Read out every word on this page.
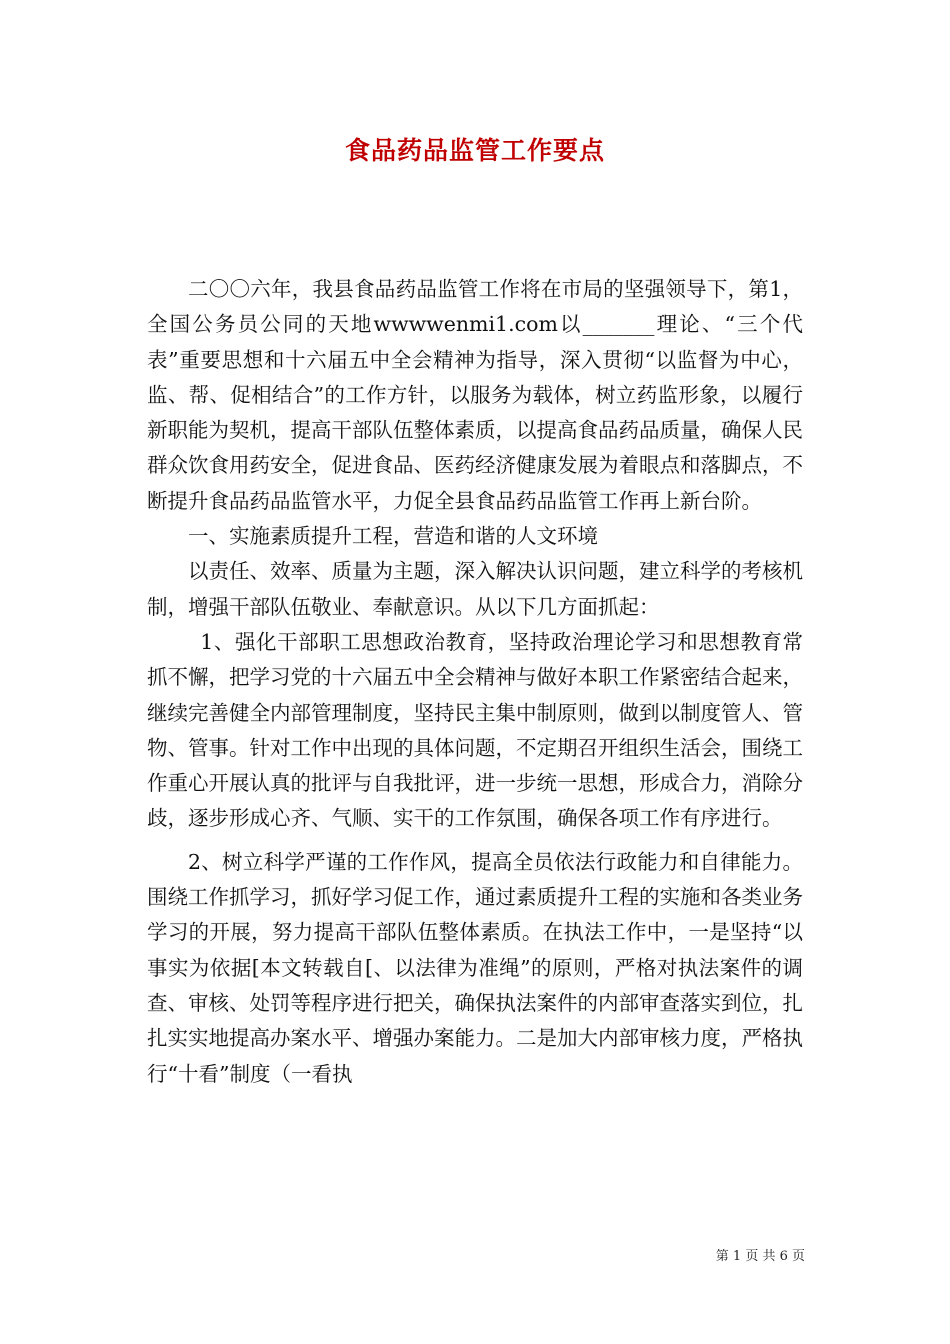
食品药品监管工作要点

二〇〇六年，我县食品药品监管工作将在市局的坚强领导下，第1，全国公务员公同的天地wwwwenmi1.com以_______理论、“三个代表”重要思想和十六届五中全会精神为指导，深入贯彻“以监督为中心，监、帮、促相结合”的工作方针，以服务为载体，树立药监形象，以履行新职能为契机，提高干部队伍整体素质，以提高食品药品质量，确保人民群众饮食用药安全，促进食品、医药经济健康发展为着眼点和落脚点，不断提升食品药品监管水平，力促全县食品药品监管工作再上新台阶。

一、实施素质提升工程，营造和谐的人文环境

以责任、效率、质量为主题，深入解决认识问题，建立科学的考核机制，增强干部队伍敬业、奉献意识。从以下几方面抓起：

1、强化干部职工思想政治教育，坚持政治理论学习和思想教育常抓不懈，把学习党的十六届五中全会精神与做好本职工作紧密结合起来，继续完善健全内部管理制度，坚持民主集中制原则，做到以制度管人、管物、管事。针对工作中出现的具体问题，不定期召开组织生活会，围绕工作重心开展认真的批评与自我批评，进一步统一思想，形成合力，消除分歧，逐步形成心齐、气顺、实干的工作氛围，确保各项工作有序进行。

2、树立科学严谨的工作作风，提高全员依法行政能力和自律能力。围绕工作抓学习，抓好学习促工作，通过素质提升工程的实施和各类业务学习的开展，努力提高干部队伍整体素质。在执法工作中，一是坚持“以事实为依据[本文转载自[、以法律为准绳”的原则，严格对执法案件的调查、审核、处罚等程序进行把关，确保执法案件的内部审查落实到位，扎扎实实地提高办案水平、增强办案能力。二是加大内部审核力度，严格执行“十看”制度（一看执

第 1 页 共 6 页
